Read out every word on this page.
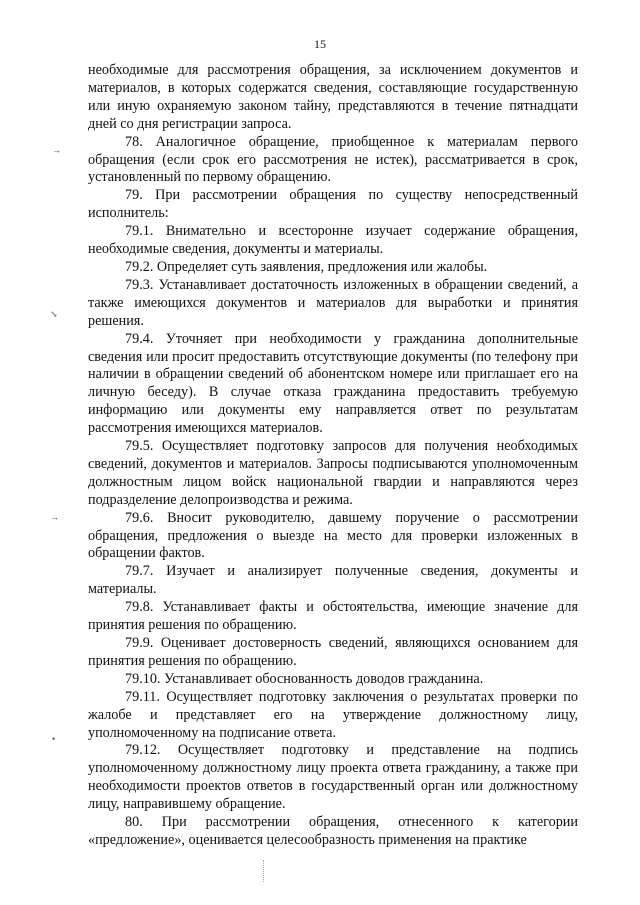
15

необходимые для рассмотрения обращения, за исключением документов и материалов, в которых содержатся сведения, составляющие государственную или иную охраняемую законом тайну, представляются в течение пятнадцати дней со дня регистрации запроса.

78. Аналогичное обращение, приобщенное к материалам первого обращения (если срок его рассмотрения не истек), рассматривается в срок, установленный по первому обращению.

79. При рассмотрении обращения по существу непосредственный исполнитель:

79.1. Внимательно и всесторонне изучает содержание обращения, необходимые сведения, документы и материалы.

79.2. Определяет суть заявления, предложения или жалобы.

79.3. Устанавливает достаточность изложенных в обращении сведений, а также имеющихся документов и материалов для выработки и принятия решения.

79.4. Уточняет при необходимости у гражданина дополнительные сведения или просит предоставить отсутствующие документы (по телефону при наличии в обращении сведений об абонентском номере или приглашает его на личную беседу). В случае отказа гражданина предоставить требуемую информацию или документы ему направляется ответ по результатам рассмотрения имеющихся материалов.

79.5. Осуществляет подготовку запросов для получения необходимых сведений, документов и материалов. Запросы подписываются уполномоченным должностным лицом войск национальной гвардии и направляются через подразделение делопроизводства и режима.

79.6. Вносит руководителю, давшему поручение о рассмотрении обращения, предложения о выезде на место для проверки изложенных в обращении фактов.

79.7. Изучает и анализирует полученные сведения, документы и материалы.

79.8. Устанавливает факты и обстоятельства, имеющие значение для принятия решения по обращению.

79.9. Оценивает достоверность сведений, являющихся основанием для принятия решения по обращению.

79.10. Устанавливает обоснованность доводов гражданина.

79.11. Осуществляет подготовку заключения о результатах проверки по жалобе и представляет его на утверждение должностному лицу, уполномоченному на подписание ответа.

79.12. Осуществляет подготовку и представление на подпись уполномоченному должностному лицу проекта ответа гражданину, а также при необходимости проектов ответов в государственный орган или должностному лицу, направившему обращение.

80. При рассмотрении обращения, отнесенного к категории «предложение», оценивается целесообразность применения на практике

→
↘
→
•
